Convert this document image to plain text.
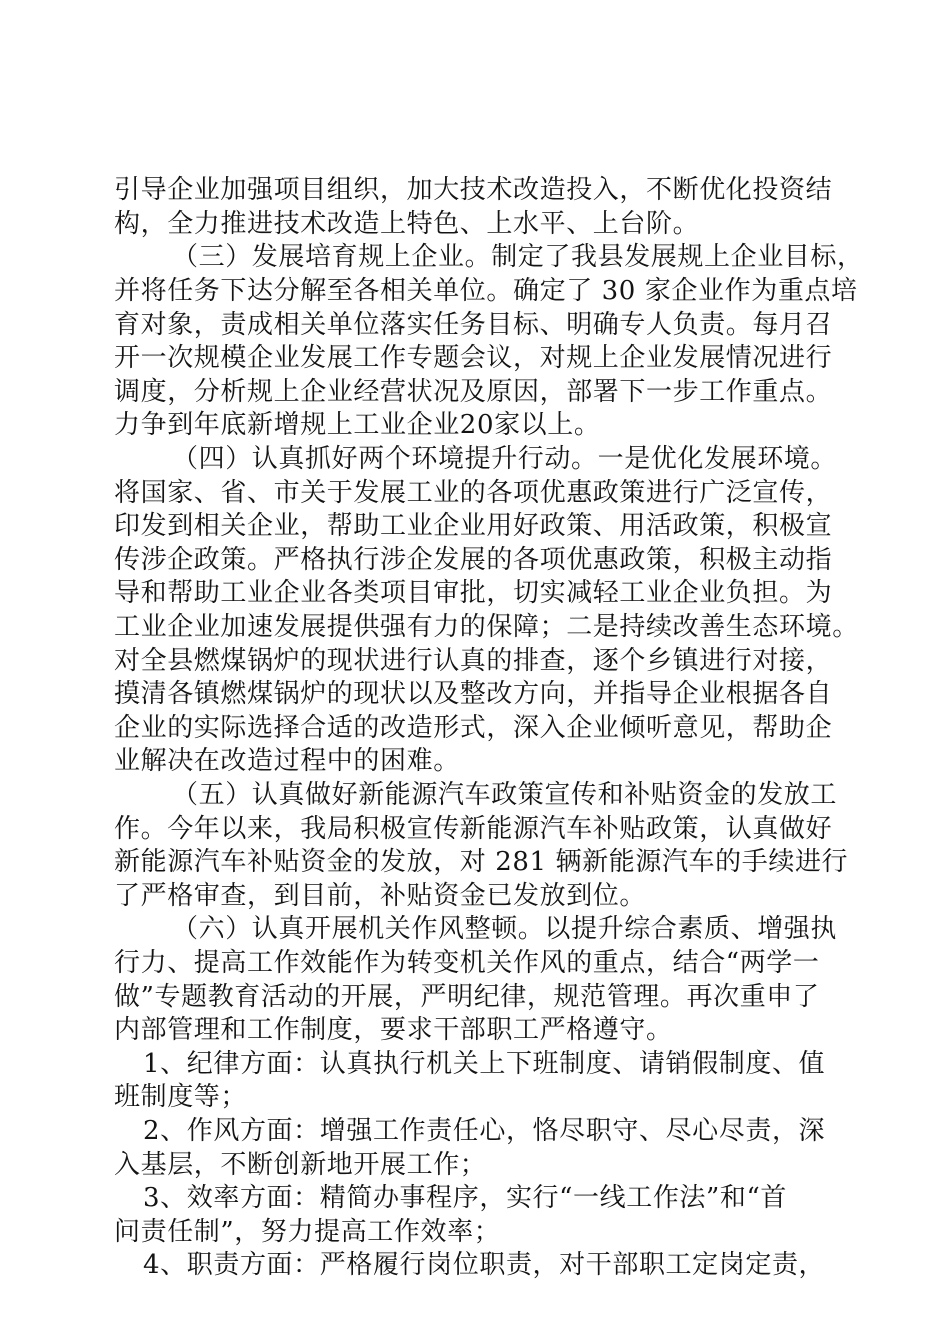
引导企业加强项目组织，加大技术改造投入，不断优化投资结
构，全力推进技术改造上特色、上水平、上台阶。
（三）发展培育规上企业。制定了我县发展规上企业目标，
并将任务下达分解至各相关单位。确定了 30 家企业作为重点培
育对象，责成相关单位落实任务目标、明确专人负责。每月召
开一次规模企业发展工作专题会议，对规上企业发展情况进行
调度，分析规上企业经营状况及原因，部署下一步工作重点。
力争到年底新增规上工业企业20家以上。
（四）认真抓好两个环境提升行动。一是优化发展环境。
将国家、省、市关于发展工业的各项优惠政策进行广泛宣传，
印发到相关企业，帮助工业企业用好政策、用活政策，积极宣
传涉企政策。严格执行涉企发展的各项优惠政策，积极主动指
导和帮助工业企业各类项目审批，切实减轻工业企业负担。为
工业企业加速发展提供强有力的保障；二是持续改善生态环境。
对全县燃煤锅炉的现状进行认真的排查，逐个乡镇进行对接，
摸清各镇燃煤锅炉的现状以及整改方向，并指导企业根据各自
企业的实际选择合适的改造形式，深入企业倾听意见，帮助企
业解决在改造过程中的困难。
（五）认真做好新能源汽车政策宣传和补贴资金的发放工
作。今年以来，我局积极宣传新能源汽车补贴政策，认真做好
新能源汽车补贴资金的发放，对 281 辆新能源汽车的手续进行
了严格审查，到目前，补贴资金已发放到位。
（六）认真开展机关作风整顿。以提升综合素质、增强执
行力、提高工作效能作为转变机关作风的重点，结合“两学一
做”专题教育活动的开展，严明纪律，规范管理。再次重申了
内部管理和工作制度，要求干部职工严格遵守。
1、纪律方面：认真执行机关上下班制度、请销假制度、值
班制度等；
2、作风方面：增强工作责任心，恪尽职守、尽心尽责，深
入基层，不断创新地开展工作；
3、效率方面：精简办事程序，实行“一线工作法”和“首
问责任制”，努力提高工作效率；
4、职责方面：严格履行岗位职责，对干部职工定岗定责，
